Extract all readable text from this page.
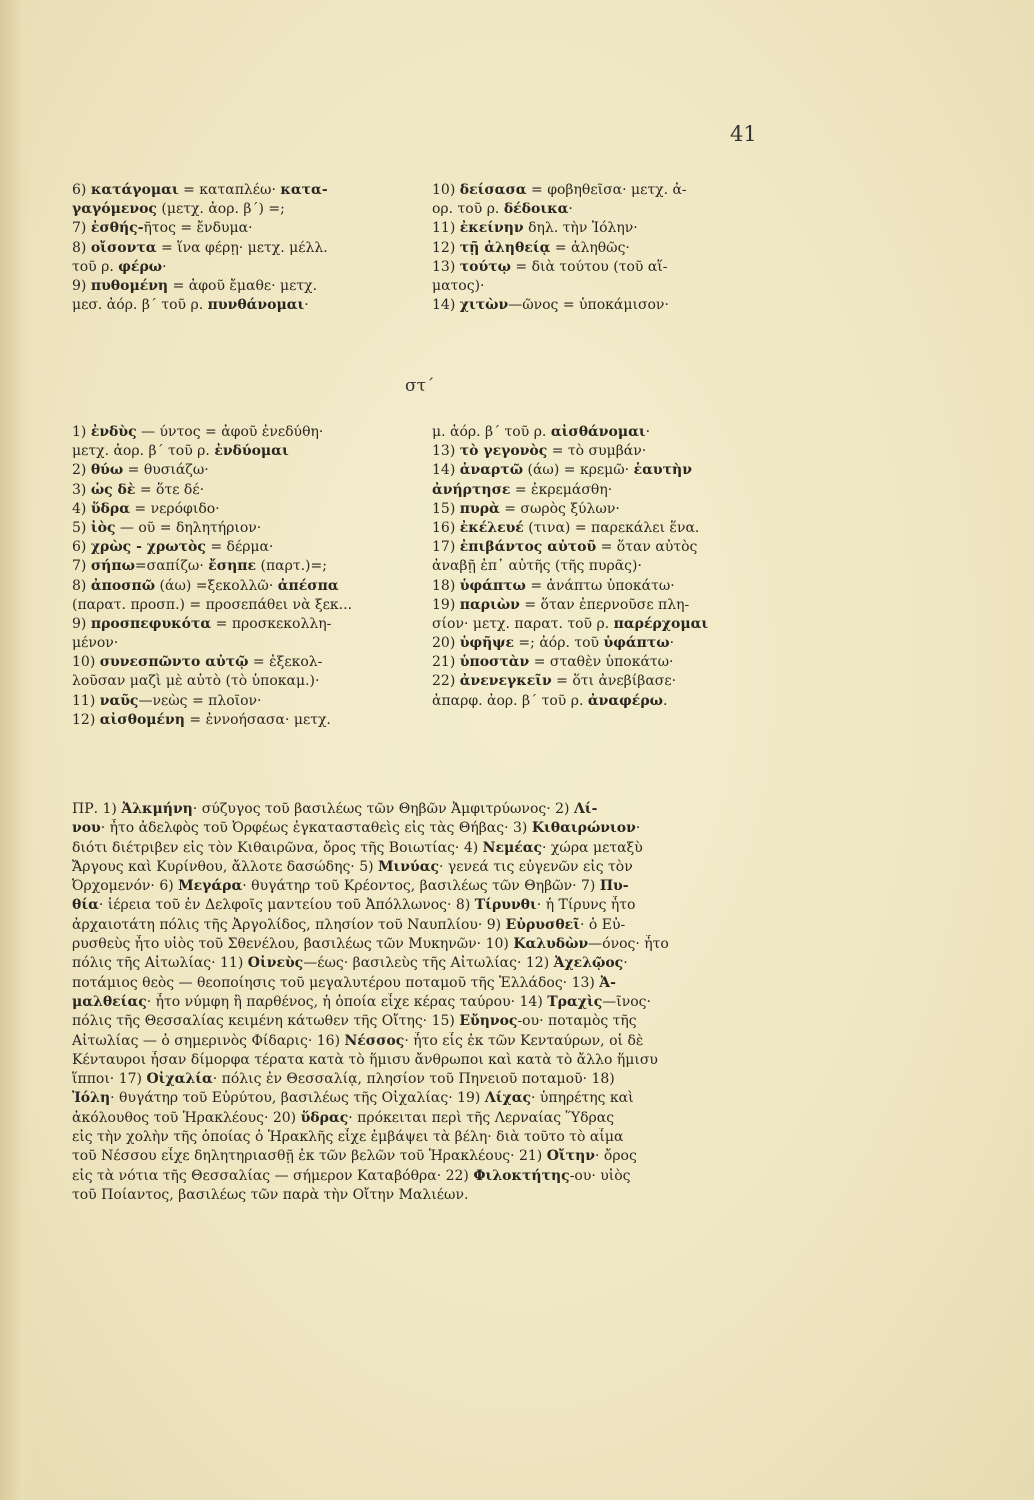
41
6) κατάγομαι = καταπλέω· κατα-
γαγόμενος (μετχ. ἀορ. β΄) =;
7) ἐσθής-ῆτος = ἔνδυμα·
8) οἴσοντα = ἵνα φέρῃ· μετχ. μέλλ.
τοῦ ρ. φέρω·
9) πυθομένη = ἀφοῦ ἔμαθε· μετχ.
μεσ. ἀόρ. β΄ τοῦ ρ. πυνθάνομαι·
10) δείσασα = φοβηθεῖσα· μετχ. ἀ-
ορ. τοῦ ρ. δέδοικα·
11) ἐκείνην δηλ. τὴν Ἰόλην·
12) τῇ ἀληθείᾳ = ἀληθῶς·
13) τούτῳ = διὰ τούτου (τοῦ αἵ-
ματος)·
14) χιτὼν—ῶνος = ὑποκάμισον·
στ΄
1) ἐνδὺς — ύντος = ἀφοῦ ἐνεδύθη·
μετχ. ἀορ. β΄ τοῦ ρ. ἐνδύομαι
2) θύω = θυσιάζω·
3) ὡς δὲ = ὅτε δέ·
4) ὕδρα = νερόφιδο·
5) ἰὸς — οῦ = δηλητήριον·
6) χρὼς - χρωτὸς = δέρμα·
7) σήπω=σαπίζω· ἔσηπε (παρτ.)=;
8) ἀποσπῶ (άω) =ξεκολλῶ· ἀπέσπα
(παρατ. προσπ.) = προσεπάθει νὰ ξεκ...
9) προσπεφυκότα = προσκεκολλη-
μένον·
10) συνεσπῶντο αὐτῷ = ἐξεκολ-
λοῦσαν μαζὶ μὲ αὐτὸ (τὸ ὑποκαμ.)·
11) ναῦς—νεὼς = πλοῖον·
12) αἰσθομένη = ἐννοήσασα· μετχ.
μ. ἀόρ. β΄ τοῦ ρ. αἰσθάνομαι·
13) τὸ γεγονὸς = τὸ συμβάν·
14) ἀναρτῶ (άω) = κρεμῶ· ἑαυτὴν
ἀνήρτησε = ἐκρεμάσθη·
15) πυρὰ = σωρὸς ξύλων·
16) ἐκέλευέ (τινα) = παρεκάλει ἕνα.
17) ἐπιβάντος αὐτοῦ = ὅταν αὐτὸς
ἀναβῇ ἐπ᾿ αὐτῆς (τῆς πυρᾶς)·
18) ὑφάπτω = ἀνάπτω ὑποκάτω·
19) παριὼν = ὅταν ἐπερνοῦσε πλη-
σίον· μετχ. παρατ. τοῦ ρ. παρέρχομαι
20) ὑφῆψε =; ἀόρ. τοῦ ὑφάπτω·
21) ὑποστὰν = σταθὲν ὑποκάτω·
22) ἀνενεγκεῖν = ὅτι ἀνεβίβασε·
ἀπαρφ. ἀορ. β΄ τοῦ ρ. ἀναφέρω.
ΠΡ. 1) Ἀλκμήνη· σύζυγος τοῦ βασιλέως τῶν Θηβῶν Ἀμφιτρύωνος· 2) Λί-
νου· ἦτο ἀδελφὸς τοῦ Ὀρφέως ἐγκατασταθεὶς εἰς τὰς Θήβας· 3) Κιθαιρώνιον·
διότι διέτριβεν εἰς τὸν Κιθαιρῶνα, ὄρος τῆς Βοιωτίας· 4) Νεμέας· χώρα μεταξὺ
Ἄργους καὶ Κυρίνθου, ἄλλοτε δασώδης· 5) Μινύας· γενεά τις εὐγενῶν εἰς τὸν
Ὀρχομενόν· 6) Μεγάρα· θυγάτηρ τοῦ Κρέοντος, βασιλέως τῶν Θηβῶν· 7) Πυ-
θία· ἱέρεια τοῦ ἐν Δελφοῖς μαντείου τοῦ Ἀπόλλωνος· 8) Τίρυνθι· ἡ Τίρυνς ἦτο
ἀρχαιοτάτη πόλις τῆς Ἀργολίδος, πλησίον τοῦ Ναυπλίου· 9) Εὐρυσθεῖ· ὁ Εὐ-
ρυσθεὺς ἦτο υἱὸς τοῦ Σθενέλου, βασιλέως τῶν Μυκηνῶν· 10) Καλυδὼν—όνος· ἦτο
πόλις τῆς Αἰτωλίας· 11) Οἰνεὺς—έως· βασιλεὺς τῆς Αἰτωλίας· 12) Ἀχελῷος·
ποτάμιος θεὸς — θεοποίησις τοῦ μεγαλυτέρου ποταμοῦ τῆς Ἑλλάδος· 13) Ἀ-
μαλθείας· ἦτο νύμφη ἢ παρθένος, ἡ ὁποία εἶχε κέρας ταύρου· 14) Τραχὶς—ῖνος·
πόλις τῆς Θεσσαλίας κειμένη κάτωθεν τῆς Οἴτης· 15) Εὔηνος-ου· ποταμὸς τῆς
Αἰτωλίας — ὁ σημερινὸς Φίδαρις· 16) Νέσσος· ἦτο εἷς ἐκ τῶν Κενταύρων, οἱ δὲ
Κένταυροι ἦσαν δίμορφα τέρατα κατὰ τὸ ἥμισυ ἄνθρωποι καὶ κατὰ τὸ ἄλλο ἥμισυ
ἵπποι· 17) Οἰχαλία· πόλις ἐν Θεσσαλίᾳ, πλησίον τοῦ Πηνειοῦ ποταμοῦ· 18)
Ἰόλη· θυγάτηρ τοῦ Εὐρύτου, βασιλέως τῆς Οἰχαλίας· 19) Λίχας· ὑπηρέτης καὶ
ἀκόλουθος τοῦ Ἡρακλέους· 20) ὕδρας· πρόκειται περὶ τῆς Λερναίας Ὕδρας
εἰς τὴν χολὴν τῆς ὁποίας ὁ Ἡρακλῆς εἶχε ἐμβάψει τὰ βέλη· διὰ τοῦτο τὸ αἷμα
τοῦ Νέσσου εἶχε δηλητηριασθῇ ἐκ τῶν βελῶν τοῦ Ἡρακλέους· 21) Οἴτην· ὄρος
εἰς τὰ νότια τῆς Θεσσαλίας — σήμερον Καταβόθρα· 22) Φιλοκτήτης-ου· υἱὸς
τοῦ Ποίαντος, βασιλέως τῶν παρὰ τὴν Οἴτην Μαλιέων.
